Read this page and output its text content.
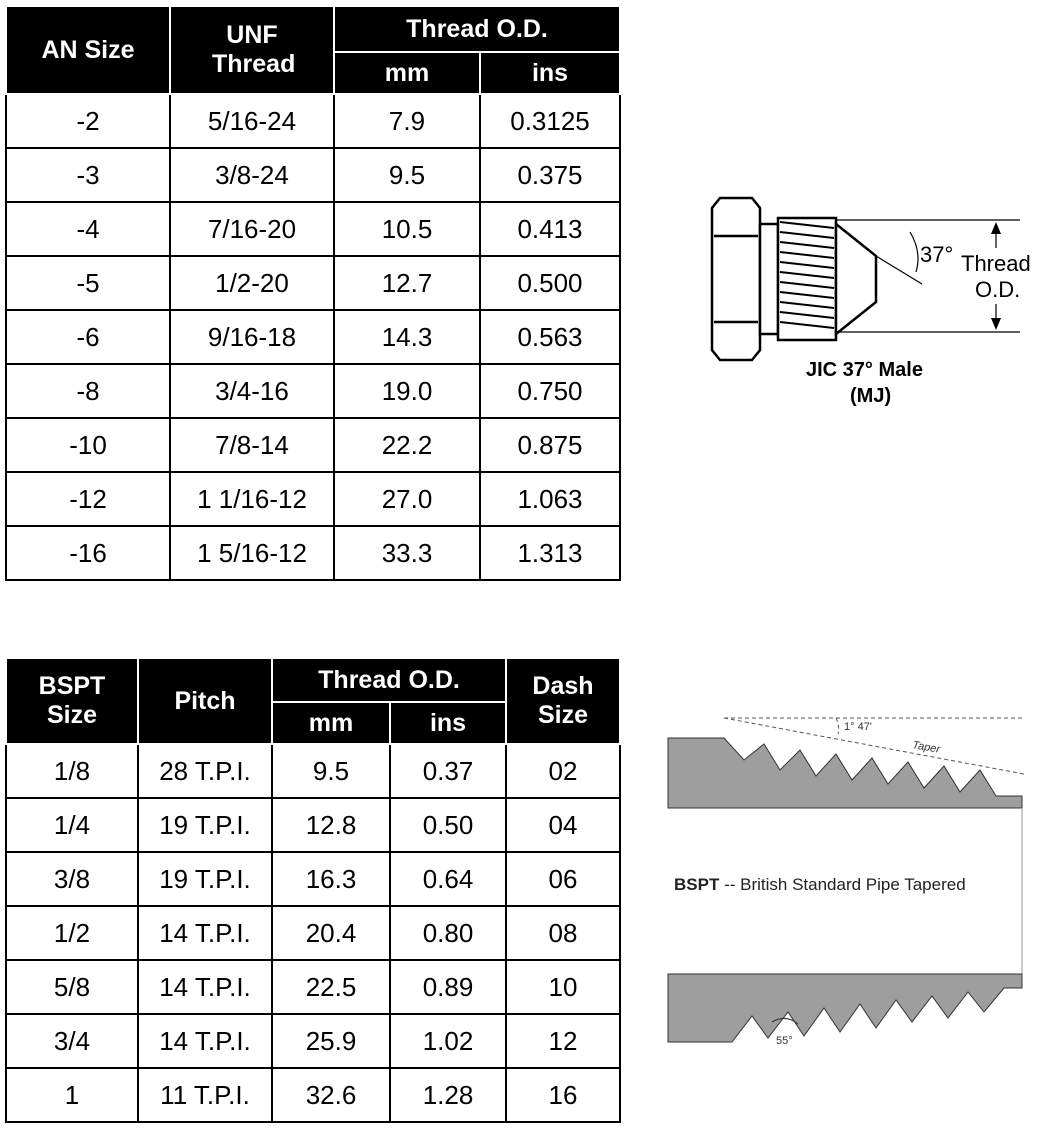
AN Size	UNF Thread	Thread O.D.	
		mm	ins
-2	5/16-24	7.9	0.3125
-3	3/8-24	9.5	0.375
-4	7/16-20	10.5	0.413
-5	1/2-20	12.7	0.500
-6	9/16-18	14.3	0.563
-8	3/4-16	19.0	0.750
-10	7/8-14	22.2	0.875
-12	1 1/16-12	27.0	1.063
-16	1 5/16-12	33.3	1.313
37° Thread
O.D.
JIC 37° Male
(MJ)
BSPT Size	Pitch	Thread O.D.		Dash Size
		mm	ins	
1/8	28 T.P.I.	9.5	0.37	02
1/4	19 T.P.I.	12.8	0.50	04
3/8	19 T.P.I.	16.3	0.64	06
1/2	14 T.P.I.	20.4	0.80	08
5/8	14 T.P.I.	22.5	0.89	10
3/4	14 T.P.I.	25.9	1.02	12
1	11 T.P.I.	32.6	1.28	16
1° 47'
Taper
55°
BSPT -- British Standard Pipe Tapered
